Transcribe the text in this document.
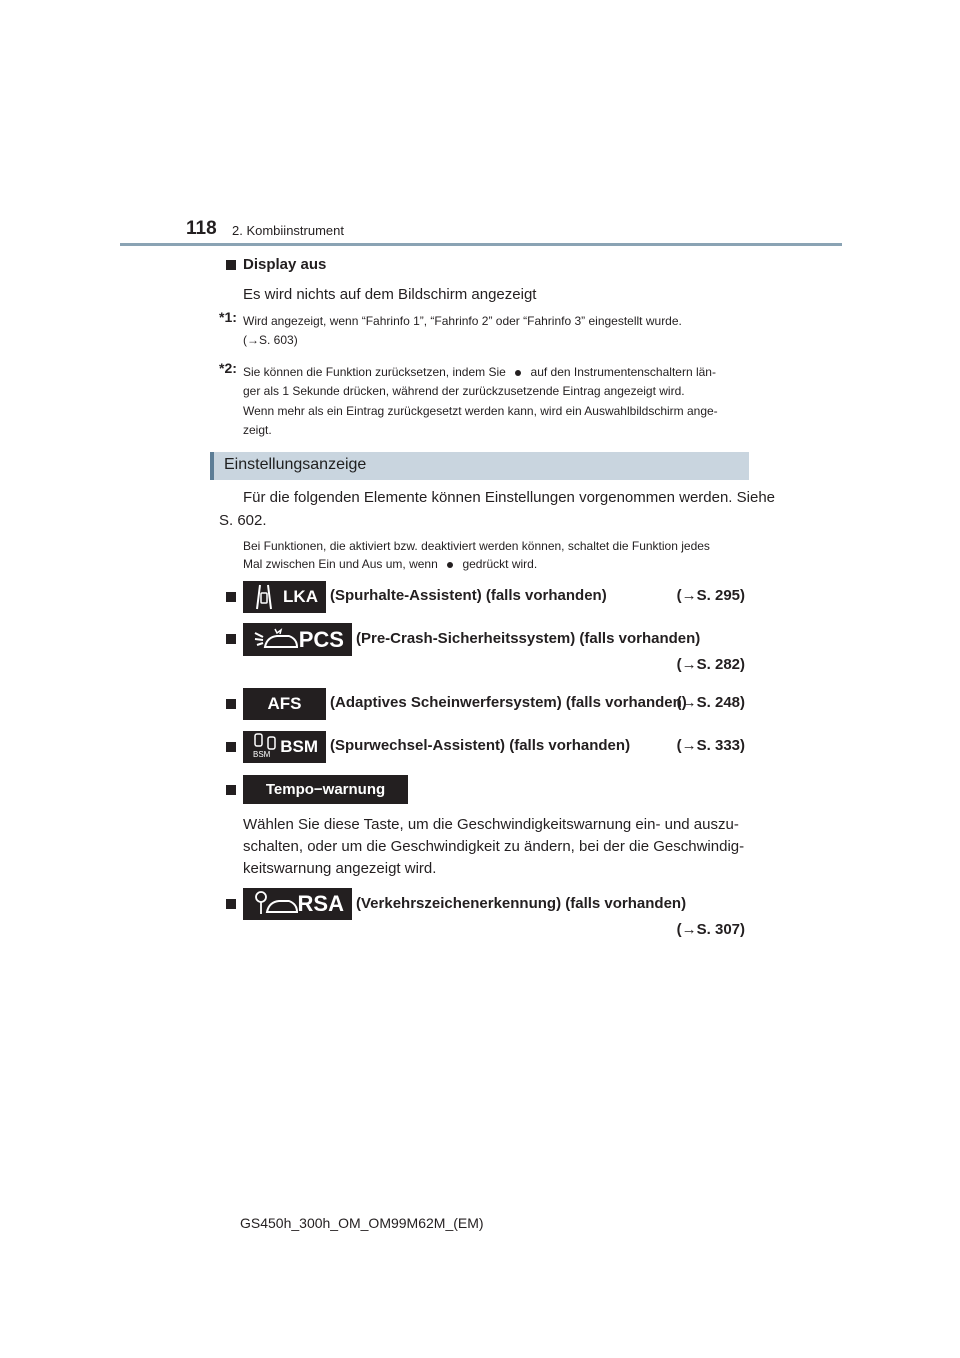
118 2. Kombiinstrument
Display aus
Es wird nichts auf dem Bildschirm angezeigt
*1: Wird angezeigt, wenn “Fahrinfo 1”, “Fahrinfo 2” oder “Fahrinfo 3” eingestellt wurde.
(→S. 603)
*2: Sie können die Funktion zurücksetzen, indem Sie auf den Instrumentenschaltern län-
ger als 1 Sekunde drücken, während der zurückzusetzende Eintrag angezeigt wird.
Wenn mehr als ein Eintrag zurückgesetzt werden kann, wird ein Auswahlbildschirm ange-
zeigt.
Einstellungsanzeige
Für die folgenden Elemente können Einstellungen vorgenommen werden. Siehe
S. 602.
Bei Funktionen, die aktiviert bzw. deaktiviert werden können, schaltet die Funktion jedes
Mal zwischen Ein und Aus um, wenn gedrückt wird.
LKA (Spurhalte-Assistent) (falls vorhanden)	(→S. 295)
PCS (Pre-Crash-Sicherheitssystem) (falls vorhanden)
(→S. 282)
AFS (Adaptives Scheinwerfersystem) (falls vorhanden)
(→S. 248)
BSM BSM (Spurwechsel-Assistent) (falls vorhanden)	(→S. 333)
Tempo−warnung
Wählen Sie diese Taste, um die Geschwindigkeitswarnung ein- und auszu-
schalten, oder um die Geschwindigkeit zu ändern, bei der die Geschwindig-
keitswarnung angezeigt wird.
RSA (Verkehrszeichenerkennung) (falls vorhanden)
(→S. 307)
GS450h_300h_OM_OM99M62M_(EM)
